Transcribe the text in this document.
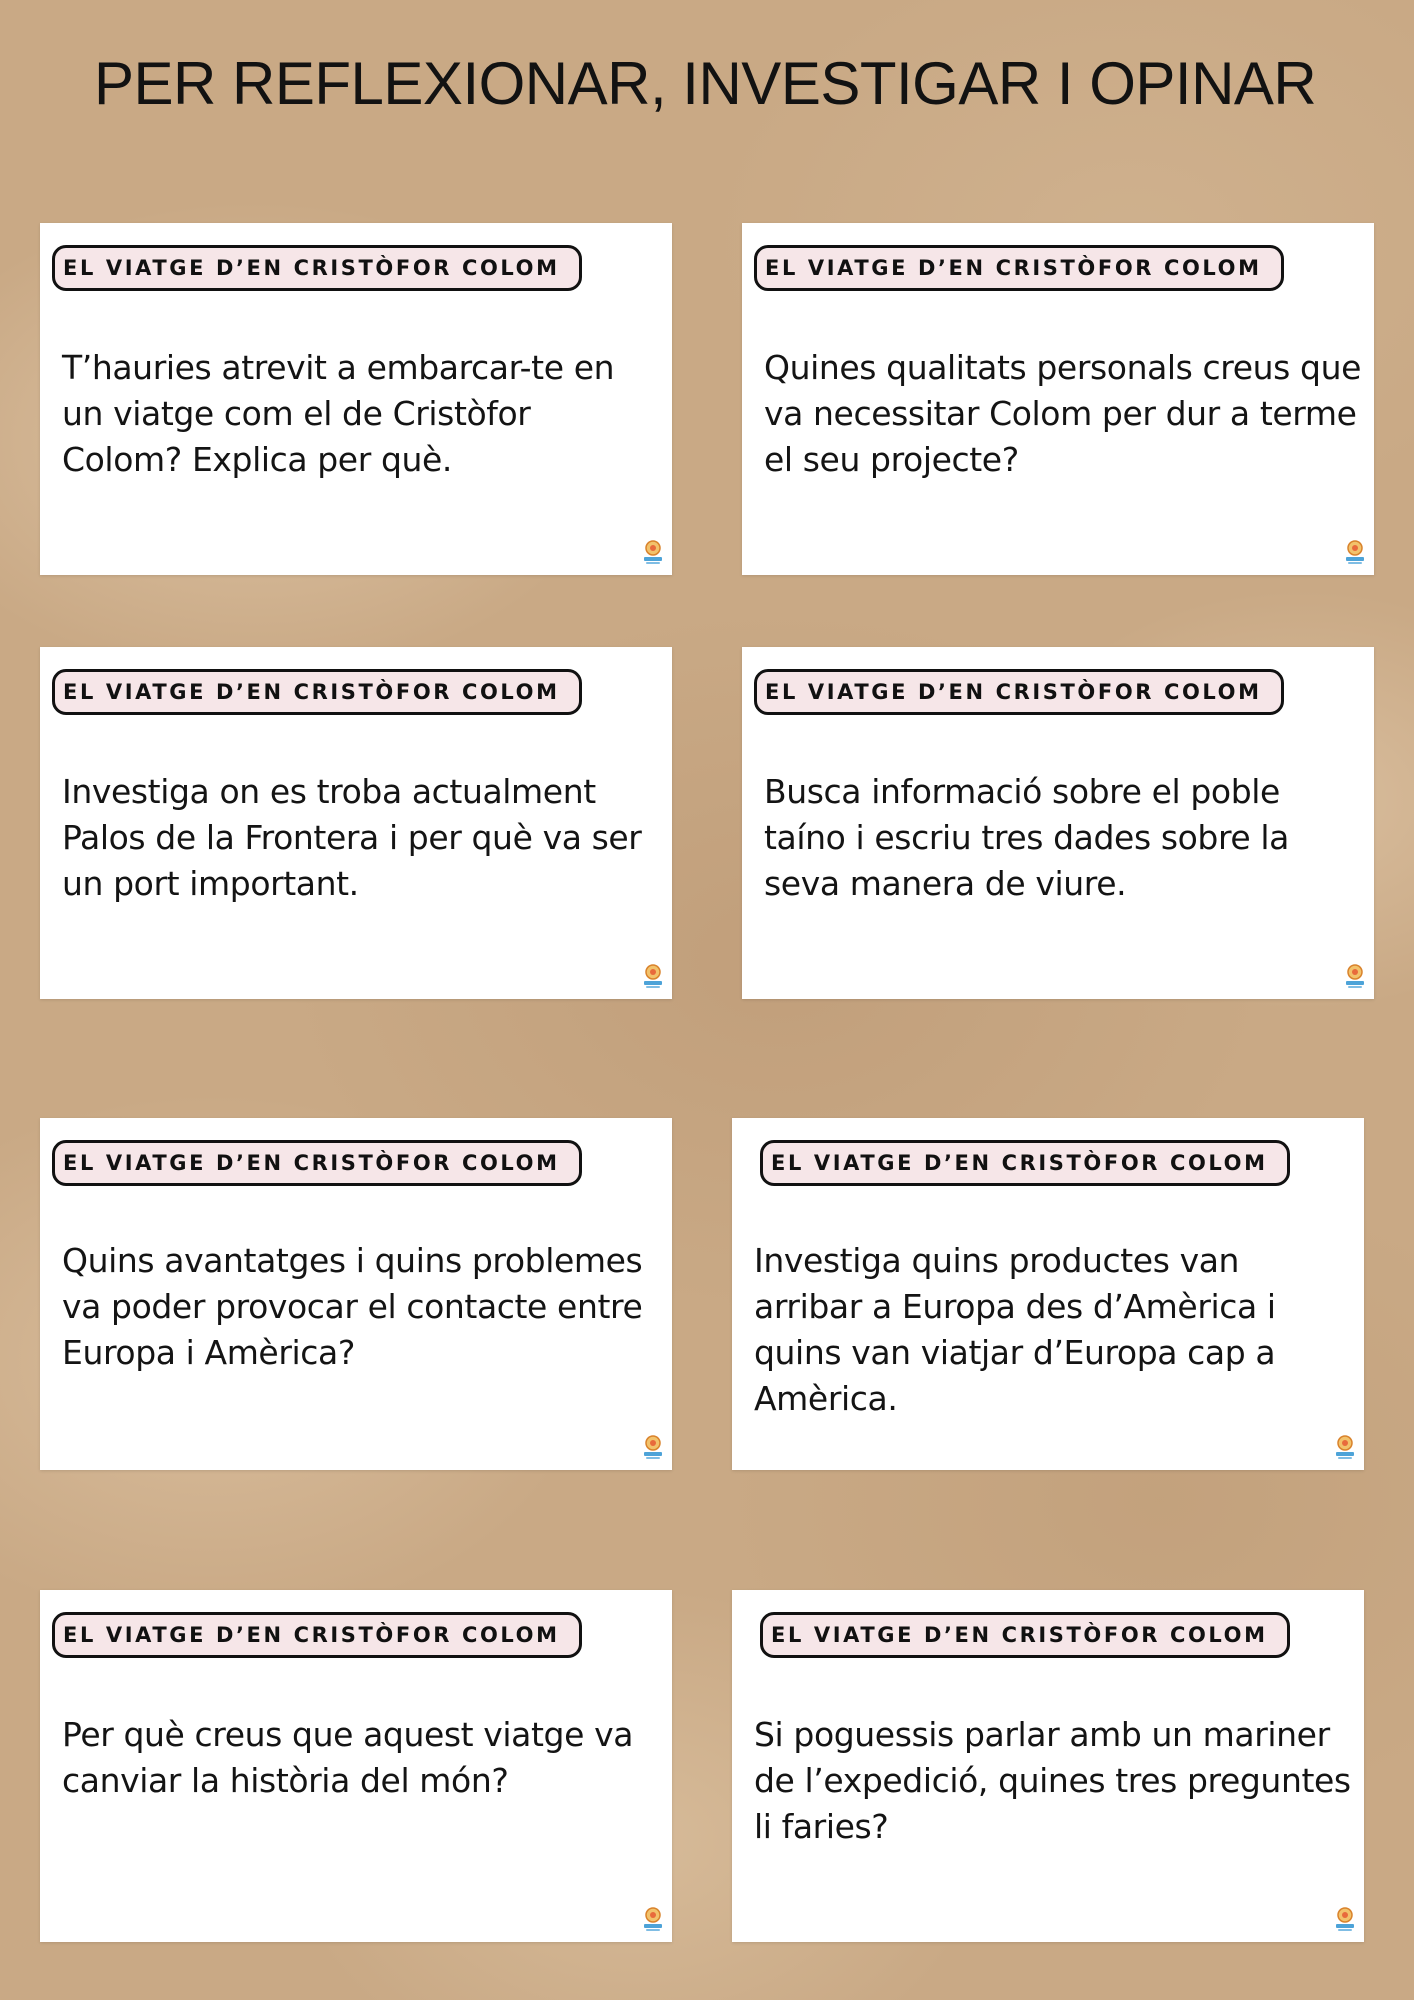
PER REFLEXIONAR, INVESTIGAR I OPINAR
EL VIATGE D’EN CRISTÒFOR COLOM

T’hauries atrevit a embarcar-te en un viatge com el de Cristòfor Colom? Explica per què.

EL VIATGE D’EN CRISTÒFOR COLOM

Quines qualitats personals creus que va necessitar Colom per dur a terme el seu projecte?

EL VIATGE D’EN CRISTÒFOR COLOM

Investiga on es troba actualment Palos de la Frontera i per què va ser un port important.

EL VIATGE D’EN CRISTÒFOR COLOM

Busca informació sobre el poble taíno i escriu tres dades sobre la seva manera de viure.

EL VIATGE D’EN CRISTÒFOR COLOM

Quins avantatges i quins problemes va poder provocar el contacte entre Europa i Amèrica?

EL VIATGE D’EN CRISTÒFOR COLOM

Investiga quins productes van arribar a Europa des d’Amèrica i quins van viatjar d’Europa cap a Amèrica.

EL VIATGE D’EN CRISTÒFOR COLOM

Per què creus que aquest viatge va canviar la història del món?

EL VIATGE D’EN CRISTÒFOR COLOM

Si poguessis parlar amb un mariner de l’expedició, quines tres preguntes li faries?
